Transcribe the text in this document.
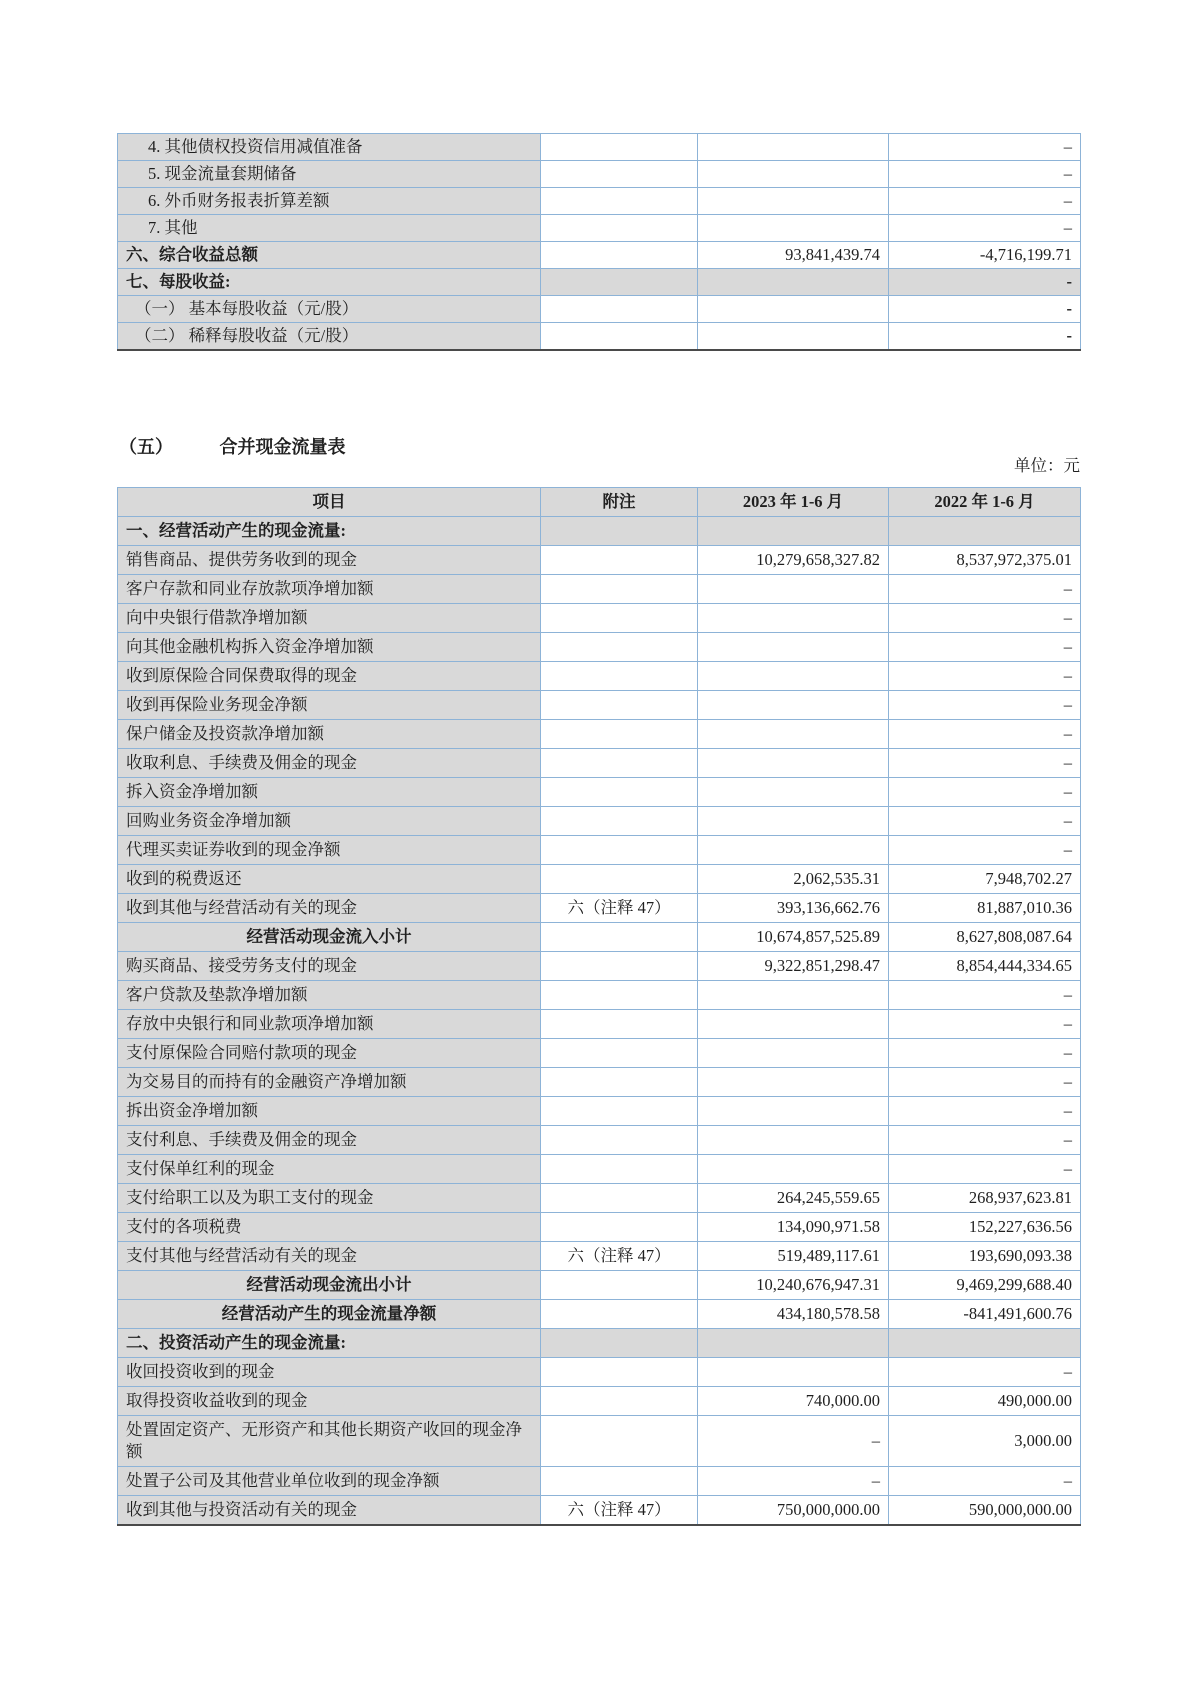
4. 其他债权投资信用减值准备			–
5. 现金流量套期储备			–
6. 外币财务报表折算差额			–
7. 其他			–
六、综合收益总额		93,841,439.74	-4,716,199.71
七、每股收益:			-
（一） 基本每股收益（元/股）			-
（二） 稀释每股收益（元/股）			-
（五）	合并现金流量表
单位：元
项目	附注	2023 年 1-6 月	2022 年 1-6 月
一、经营活动产生的现金流量:			
销售商品、提供劳务收到的现金		10,279,658,327.82	8,537,972,375.01
客户存款和同业存放款项净增加额			–
向中央银行借款净增加额			–
向其他金融机构拆入资金净增加额			–
收到原保险合同保费取得的现金			–
收到再保险业务现金净额			–
保户储金及投资款净增加额			–
收取利息、手续费及佣金的现金			–
拆入资金净增加额			–
回购业务资金净增加额			–
代理买卖证券收到的现金净额			–
收到的税费返还		2,062,535.31	7,948,702.27
收到其他与经营活动有关的现金	六（注释 47）	393,136,662.76	81,887,010.36
经营活动现金流入小计		10,674,857,525.89	8,627,808,087.64
购买商品、接受劳务支付的现金		9,322,851,298.47	8,854,444,334.65
客户贷款及垫款净增加额			–
存放中央银行和同业款项净增加额			–
支付原保险合同赔付款项的现金			–
为交易目的而持有的金融资产净增加额			–
拆出资金净增加额			–
支付利息、手续费及佣金的现金			–
支付保单红利的现金			–
支付给职工以及为职工支付的现金		264,245,559.65	268,937,623.81
支付的各项税费		134,090,971.58	152,227,636.56
支付其他与经营活动有关的现金	六（注释 47）	519,489,117.61	193,690,093.38
经营活动现金流出小计		10,240,676,947.31	9,469,299,688.40
经营活动产生的现金流量净额		434,180,578.58	-841,491,600.76
二、投资活动产生的现金流量:			
收回投资收到的现金			–
取得投资收益收到的现金		740,000.00	490,000.00
处置固定资产、无形资产和其他长期资产收回的现金净额		–	3,000.00
处置子公司及其他营业单位收到的现金净额		–	–
收到其他与投资活动有关的现金	六（注释 47）	750,000,000.00	590,000,000.00
